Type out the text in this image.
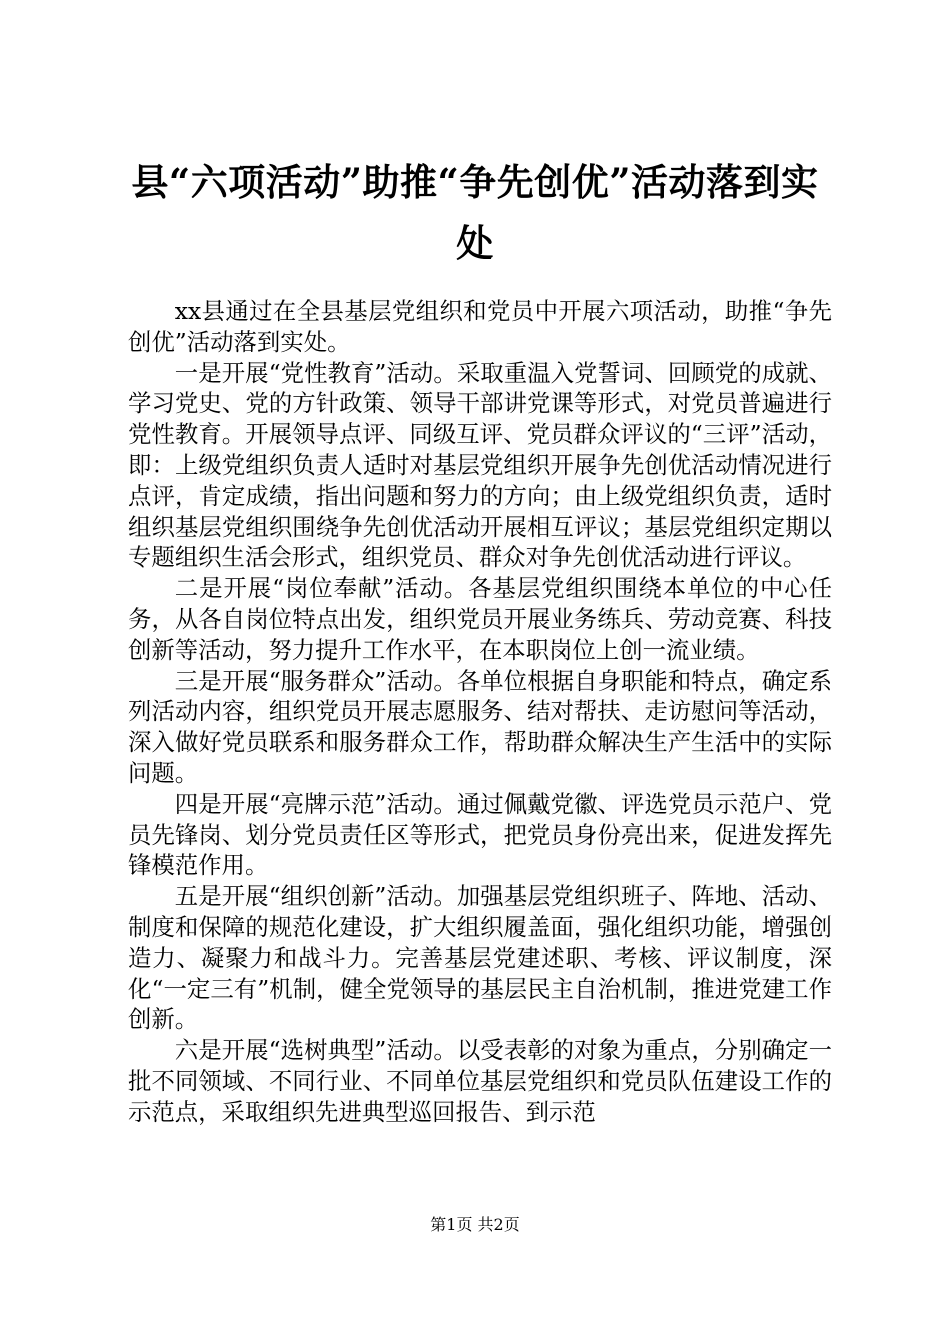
县“六项活动”助推“争先创优”活动落到实处

xx县通过在全县基层党组织和党员中开展六项活动，助推“争先创优”活动落到实处。

一是开展“党性教育”活动。采取重温入党誓词、回顾党的成就、学习党史、党的方针政策、领导干部讲党课等形式，对党员普遍进行党性教育。开展领导点评、同级互评、党员群众评议的“三评”活动，即：上级党组织负责人适时对基层党组织开展争先创优活动情况进行点评，肯定成绩，指出问题和努力的方向；由上级党组织负责，适时组织基层党组织围绕争先创优活动开展相互评议；基层党组织定期以专题组织生活会形式，组织党员、群众对争先创优活动进行评议。

二是开展“岗位奉献”活动。各基层党组织围绕本单位的中心任务，从各自岗位特点出发，组织党员开展业务练兵、劳动竞赛、科技创新等活动，努力提升工作水平，在本职岗位上创一流业绩。

三是开展“服务群众”活动。各单位根据自身职能和特点，确定系列活动内容，组织党员开展志愿服务、结对帮扶、走访慰问等活动，深入做好党员联系和服务群众工作，帮助群众解决生产生活中的实际问题。

四是开展“亮牌示范”活动。通过佩戴党徽、评选党员示范户、党员先锋岗、划分党员责任区等形式，把党员身份亮出来，促进发挥先锋模范作用。

五是开展“组织创新”活动。加强基层党组织班子、阵地、活动、制度和保障的规范化建设，扩大组织履盖面，强化组织功能，增强创造力、凝聚力和战斗力。完善基层党建述职、考核、评议制度，深化“一定三有”机制，健全党领导的基层民主自治机制，推进党建工作创新。

六是开展“选树典型”活动。以受表彰的对象为重点，分别确定一批不同领域、不同行业、不同单位基层党组织和党员队伍建设工作的示范点，采取组织先进典型巡回报告、到示范

第1页 共2页
